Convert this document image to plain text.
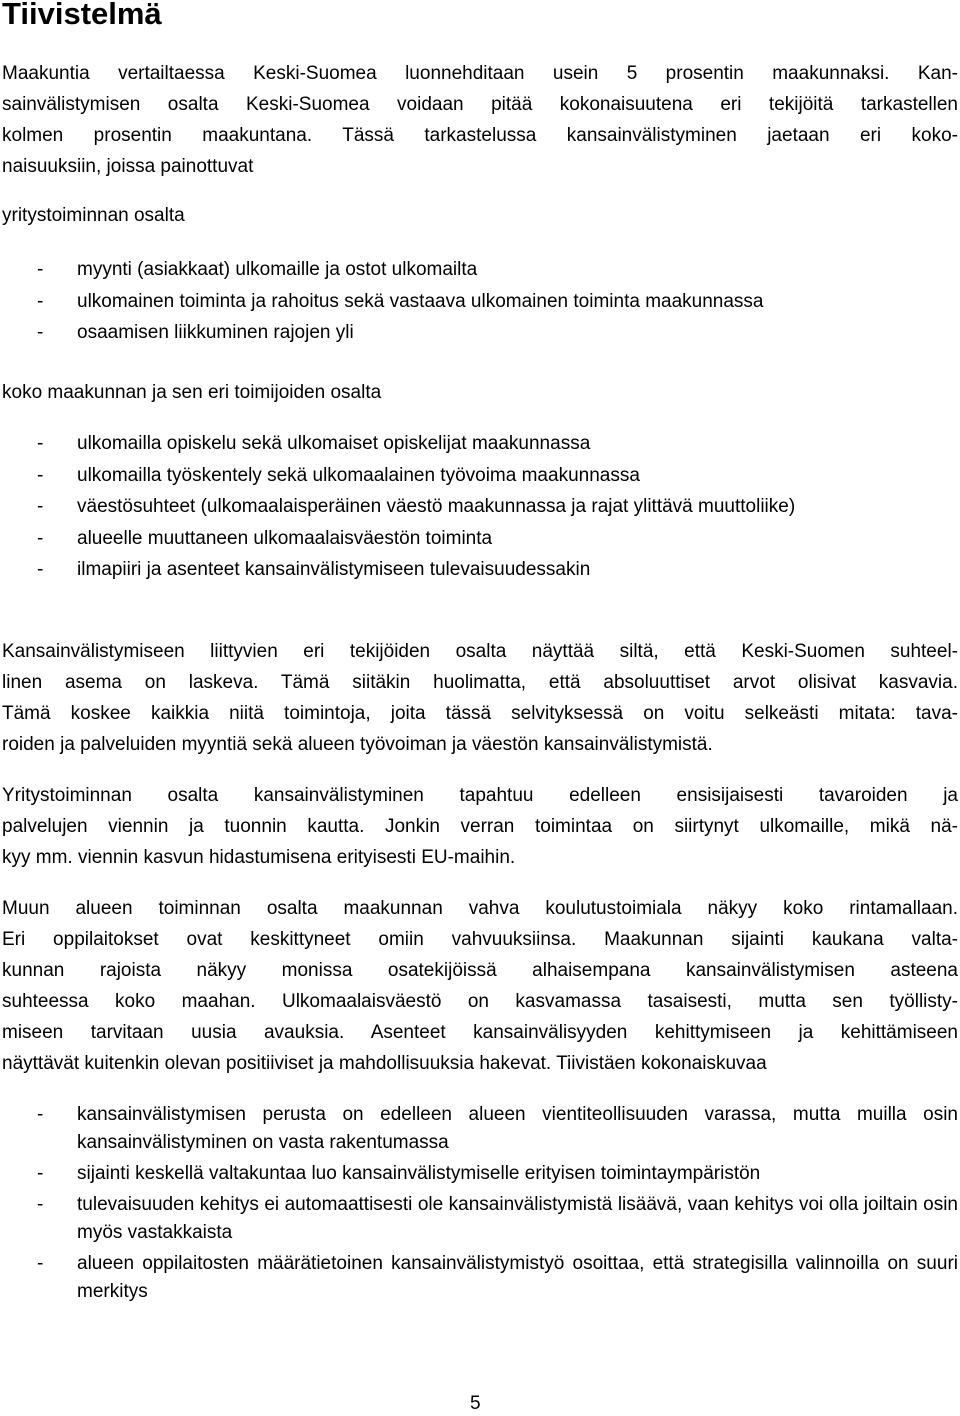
Tiivistelmä
Maakuntia vertailtaessa Keski-Suomea luonnehditaan usein 5 prosentin maakunnaksi. Kan-
sainvälistymisen osalta Keski-Suomea voidaan pitää kokonaisuutena eri tekijöitä tarkastellen
kolmen prosentin maakuntana. Tässä tarkastelussa kansainvälistyminen jaetaan eri koko-
naisuuksiin, joissa painottuvat
yritystoiminnan osalta
- myynti (asiakkaat) ulkomaille ja ostot ulkomailta
- ulkomainen toiminta ja rahoitus sekä vastaava ulkomainen toiminta maakunnassa
- osaamisen liikkuminen rajojen yli
koko maakunnan ja sen eri toimijoiden osalta
- ulkomailla opiskelu sekä ulkomaiset opiskelijat maakunnassa
- ulkomailla työskentely sekä ulkomaalainen työvoima maakunnassa
- väestösuhteet (ulkomaalaisperäinen väestö maakunnassa ja rajat ylittävä muuttoliike)
- alueelle muuttaneen ulkomaalaisväestön toiminta
- ilmapiiri ja asenteet kansainvälistymiseen tulevaisuudessakin
Kansainvälistymiseen liittyvien eri tekijöiden osalta näyttää siltä, että Keski-Suomen suhteel-
linen asema on laskeva. Tämä siitäkin huolimatta, että absoluuttiset arvot olisivat kasvavia.
Tämä koskee kaikkia niitä toimintoja, joita tässä selvityksessä on voitu selkeästi mitata: tava-
roiden ja palveluiden myyntiä sekä alueen työvoiman ja väestön kansainvälistymistä.
Yritystoiminnan osalta kansainvälistyminen tapahtuu edelleen ensisijaisesti tavaroiden ja
palvelujen viennin ja tuonnin kautta. Jonkin verran toimintaa on siirtynyt ulkomaille, mikä nä-
kyy mm. viennin kasvun hidastumisena erityisesti EU-maihin.
Muun alueen toiminnan osalta maakunnan vahva koulutustoimiala näkyy koko rintamallaan.
Eri oppilaitokset ovat keskittyneet omiin vahvuuksiinsa. Maakunnan sijainti kaukana valta-
kunnan rajoista näkyy monissa osatekijöissä alhaisempana kansainvälistymisen asteena
suhteessa koko maahan. Ulkomaalaisväestö on kasvamassa tasaisesti, mutta sen työllisty-
miseen tarvitaan uusia avauksia. Asenteet kansainvälisyyden kehittymiseen ja kehittämiseen
näyttävät kuitenkin olevan positiiviset ja mahdollisuuksia hakevat. Tiivistäen kokonaiskuvaa
- kansainvälistymisen perusta on edelleen alueen vientiteollisuuden varassa, mutta muilla osin kansainvälistyminen on vasta rakentumassa
- sijainti keskellä valtakuntaa luo kansainvälistymiselle erityisen toimintaympäristön
- tulevaisuuden kehitys ei automaattisesti ole kansainvälistymistä lisäävä, vaan kehitys voi olla joiltain osin myös vastakkaista
- alueen oppilaitosten määrätietoinen kansainvälistymistyö osoittaa, että strategisilla valinnoilla on suuri merkitys
5
